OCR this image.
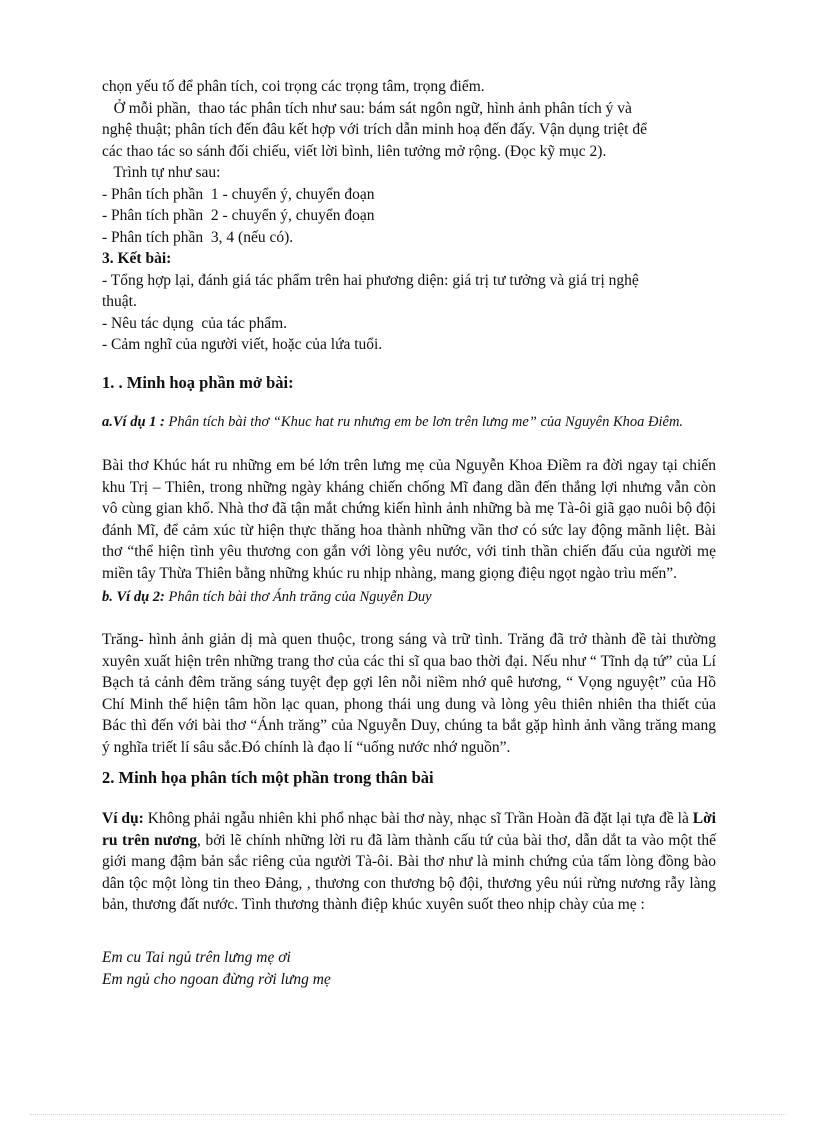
chọn yếu tố để phân tích, coi trọng các trọng tâm, trọng điểm.
Ở mỗi phần,  thao tác phân tích như sau: bám sát ngôn ngữ, hình ảnh phân tích ý và
nghệ thuật; phân tích đến đâu kết hợp với trích dẫn minh hoạ đến đấy. Vận dụng triệt để
các thao tác so sánh đối chiếu, viết lời bình, liên tưởng mở rộng. (Đọc kỹ mục 2).
Trình tự như sau:
- Phân tích phần  1 - chuyển ý, chuyển đoạn
- Phân tích phần  2 - chuyển ý, chuyển đoạn
- Phân tích phần  3, 4 (nếu có).
3. Kết bài:
- Tổng hợp lại, đánh giá tác phẩm trên hai phương diện: giá trị tư tưởng và giá trị nghệ
thuật.
- Nêu tác dụng  của tác phẩm.
- Cảm nghĩ của người viết, hoặc của lứa tuổi.
1. . Minh hoạ phần mở bài:
a.Ví dụ 1 : Phân tích bài thơ “Khuc hat ru nhưng em be lơn trên lưng me” của Nguyên Khoa Điêm.

Bài thơ Khúc hát ru những em bé lớn trên lưng mẹ của Nguyễn Khoa Điềm ra đời ngay tại chiến khu Trị – Thiên, trong những ngày kháng chiến chống Mĩ đang dần đến thắng lợi nhưng vẫn còn vô cùng gian khổ. Nhà thơ đã tận mắt chứng kiến hình ảnh những bà mẹ Tà-ôi giã gạo nuôi bộ đội đánh Mĩ, để cảm xúc từ hiện thực thăng hoa thành những vần thơ có sức lay động mãnh liệt. Bài thơ “thể hiện tình yêu thương con gắn với lòng yêu nước, với tinh thần chiến đấu của người mẹ miền tây Thừa Thiên bằng những khúc ru nhịp nhàng, mang giọng điệu ngọt ngào trìu mến”.

b. Ví dụ 2: Phân tích bài thơ Ánh trăng của Nguyễn Duy

Trăng- hình ảnh giản dị mà quen thuộc, trong sáng và trữ tình. Trăng đã trở thành đề tài thường xuyên xuất hiện trên những trang thơ của các thi sĩ qua bao thời đại. Nếu như “ Tĩnh dạ tứ” của Lí Bạch tả cảnh đêm trăng sáng tuyệt đẹp gợi lên nỗi niềm nhớ quê hương, “ Vọng nguyệt” của Hồ Chí Minh thể hiện tâm hồn lạc quan, phong thái ung dung và lòng yêu thiên nhiên tha thiết của Bác thì đến với bài thơ “Ánh trăng” của Nguyễn Duy, chúng ta bắt gặp hình ảnh vầng trăng mang ý nghĩa triết lí sâu sắc.Đó chính là đạo lí “uống nước nhớ nguồn”.

2. Minh họa phân tích một phần trong thân bài

Ví dụ: Không phải ngẫu nhiên khi phổ nhạc bài thơ này, nhạc sĩ Trần Hoàn đã đặt lại tựa đề là Lời ru trên nương, bởi lẽ chính những lời ru đã làm thành cấu tứ của bài thơ, dẫn dắt ta vào một thế giới mang đậm bản sắc riêng của người Tà-ôi. Bài thơ như là minh chứng của tấm lòng đồng bào dân tộc một lòng tin theo Đảng, , thương con thương bộ đội, thương yêu núi rừng nương rẫy làng bản, thương đất nước. Tình thương thành điệp khúc xuyên suốt theo nhịp chày của mẹ :

Em cu Tai ngủ trên lưng mẹ ơi
Em ngủ cho ngoan đừng rời lưng mẹ
